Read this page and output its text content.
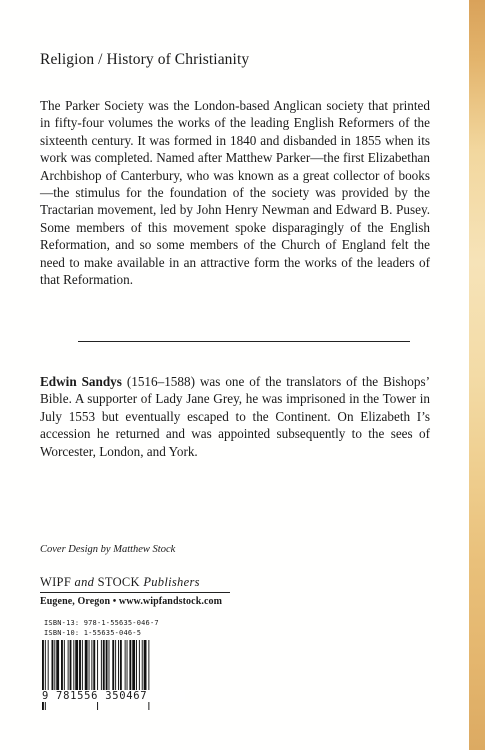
Religion / History of Christianity

The Parker Society was the London-based Anglican society that printed in fifty-four volumes the works of the leading English Reformers of the sixteenth century. It was formed in 1840 and disbanded in 1855 when its work was completed. Named after Matthew Parker—the first Elizabethan Archbishop of Canterbury, who was known as a great collector of books—the stimulus for the foundation of the society was provided by the Tractarian movement, led by John Henry Newman and Edward B. Pusey. Some members of this movement spoke disparagingly of the English Reformation, and so some members of the Church of England felt the need to make available in an attractive form the works of the leaders of that Reformation.

Edwin Sandys (1516–1588) was one of the translators of the Bishops’ Bible. A supporter of Lady Jane Grey, he was imprisoned in the Tower in July 1553 but eventually escaped to the Continent. On Elizabeth I’s accession he returned and was appointed subsequently to the sees of Worcester, London, and York.

Cover Design by Matthew Stock
WIPF and STOCK Publishers
Eugene, Oregon • www.wipfandstock.com
ISBN-13: 978-1-55635-046-7
ISBN-10: 1-55635-046-5
9 781556 350467
